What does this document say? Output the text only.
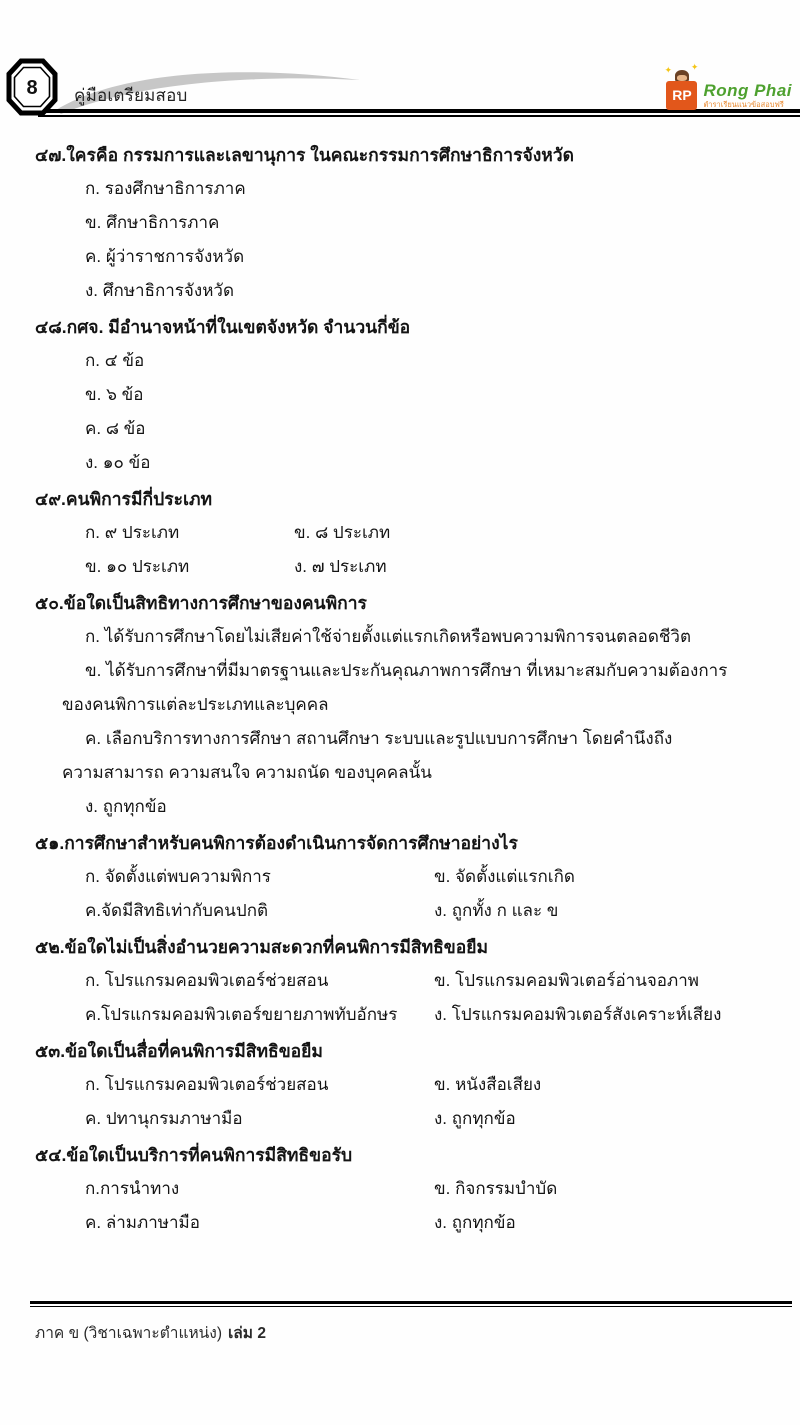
8 คู่มือเตรียมสอบ
✦ ✦
RP Rong Phai
ตำราเรียนแนวข้อสอบฟรี
๔๗.ใครคือ กรรมการและเลขานุการ ในคณะกรรมการศึกษาธิการจังหวัด
ก. รองศึกษาธิการภาค
ข. ศึกษาธิการภาค
ค. ผู้ว่าราชการจังหวัด
ง. ศึกษาธิการจังหวัด
๔๘.กศจ. มีอำนาจหน้าที่ในเขตจังหวัด จำนวนกี่ข้อ
ก. ๔ ข้อ
ข. ๖ ข้อ
ค. ๘ ข้อ
ง. ๑๐ ข้อ
๔๙.คนพิการมีกี่ประเภท
ก. ๙ ประเภท	ข. ๘ ประเภท
ข. ๑๐ ประเภท	ง. ๗ ประเภท
๕๐.ข้อใดเป็นสิทธิทางการศึกษาของคนพิการ
ก. ได้รับการศึกษาโดยไม่เสียค่าใช้จ่ายตั้งแต่แรกเกิดหรือพบความพิการจนตลอดชีวิต
ข. ได้รับการศึกษาที่มีมาตรฐานและประกันคุณภาพการศึกษา ที่เหมาะสมกับความต้องการ
ของคนพิการแต่ละประเภทและบุคคล
ค. เลือกบริการทางการศึกษา สถานศึกษา ระบบและรูปแบบการศึกษา โดยคำนึงถึง
ความสามารถ ความสนใจ ความถนัด ของบุคคลนั้น
ง. ถูกทุกข้อ
๕๑.การศึกษาสำหรับคนพิการต้องดำเนินการจัดการศึกษาอย่างไร
ก. จัดตั้งแต่พบความพิการ	ข. จัดตั้งแต่แรกเกิด
ค.จัดมีสิทธิเท่ากับคนปกติ	ง. ถูกทั้ง ก และ ข
๕๒.ข้อใดไม่เป็นสิ่งอำนวยความสะดวกที่คนพิการมีสิทธิขอยืม
ก. โปรแกรมคอมพิวเตอร์ช่วยสอน	ข. โปรแกรมคอมพิวเตอร์อ่านจอภาพ
ค.โปรแกรมคอมพิวเตอร์ขยายภาพทับอักษร	ง. โปรแกรมคอมพิวเตอร์สังเคราะห์เสียง
๕๓.ข้อใดเป็นสื่อที่คนพิการมีสิทธิขอยืม
ก. โปรแกรมคอมพิวเตอร์ช่วยสอน	ข. หนังสือเสียง
ค. ปทานุกรมภาษามือ	ง. ถูกทุกข้อ
๕๔.ข้อใดเป็นบริการที่คนพิการมีสิทธิขอรับ
ก.การนำทาง	ข. กิจกรรมบำบัด
ค. ล่ามภาษามือ	ง. ถูกทุกข้อ
ภาค ข (วิชาเฉพาะตำแหน่ง) เล่ม 2
